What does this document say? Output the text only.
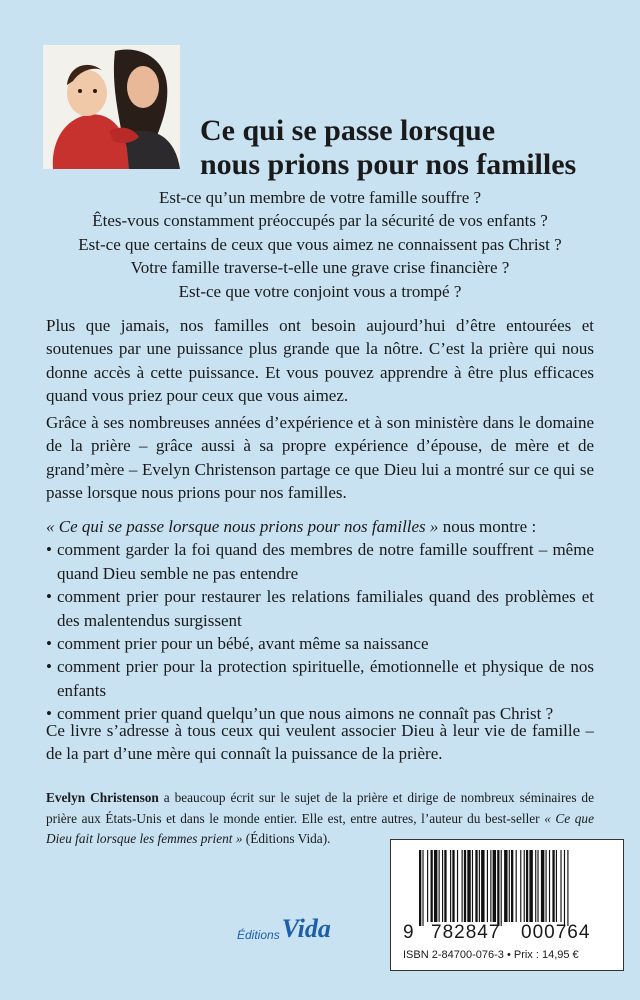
Ce qui se passe lorsque
nous prions pour nos familles
Est-ce qu’un membre de votre famille souffre ?
Êtes-vous constamment préoccupés par la sécurité de vos enfants ?
Est-ce que certains de ceux que vous aimez ne connaissent pas Christ ?
Votre famille traverse-t-elle une grave crise financière ?
Est-ce que votre conjoint vous a trompé ?

Plus que jamais, nos familles ont besoin aujourd’hui d’être entourées et soutenues par une puissance plus grande que la nôtre. C’est la prière qui nous donne accès à cette puissance. Et vous pouvez apprendre à être plus efficaces quand vous priez pour ceux que vous aimez.

Grâce à ses nombreuses années d’expérience et à son ministère dans le domaine de la prière – grâce aussi à sa propre expérience d’épouse, de mère et de grand’mère – Evelyn Christenson partage ce que Dieu lui a montré sur ce qui se passe lorsque nous prions pour nos familles.

« Ce qui se passe lorsque nous prions pour nos familles » nous montre :

• comment garder la foi quand des membres de notre famille souffrent – même quand Dieu semble ne pas entendre
• comment prier pour restaurer les relations familiales quand des problèmes et des malentendus surgissent
• comment prier pour un bébé, avant même sa naissance
• comment prier pour la protection spirituelle, émotionnelle et physique de nos enfants
• comment prier quand quelqu’un que nous aimons ne connaît pas Christ ?

Ce livre s’adresse à tous ceux qui veulent associer Dieu à leur vie de famille – de la part d’une mère qui connaît la puissance de la prière.

Evelyn Christenson a beaucoup écrit sur le sujet de la prière et dirige de nombreux séminaires de prière aux États-Unis et dans le monde entier. Elle est, entre autres, l’auteur du best-seller « Ce que Dieu fait lorsque les femmes prient » (Éditions Vida).
Éditions Vida	9 782847 000764
ISBN 2-84700-076-3 • Prix : 14,95 €
